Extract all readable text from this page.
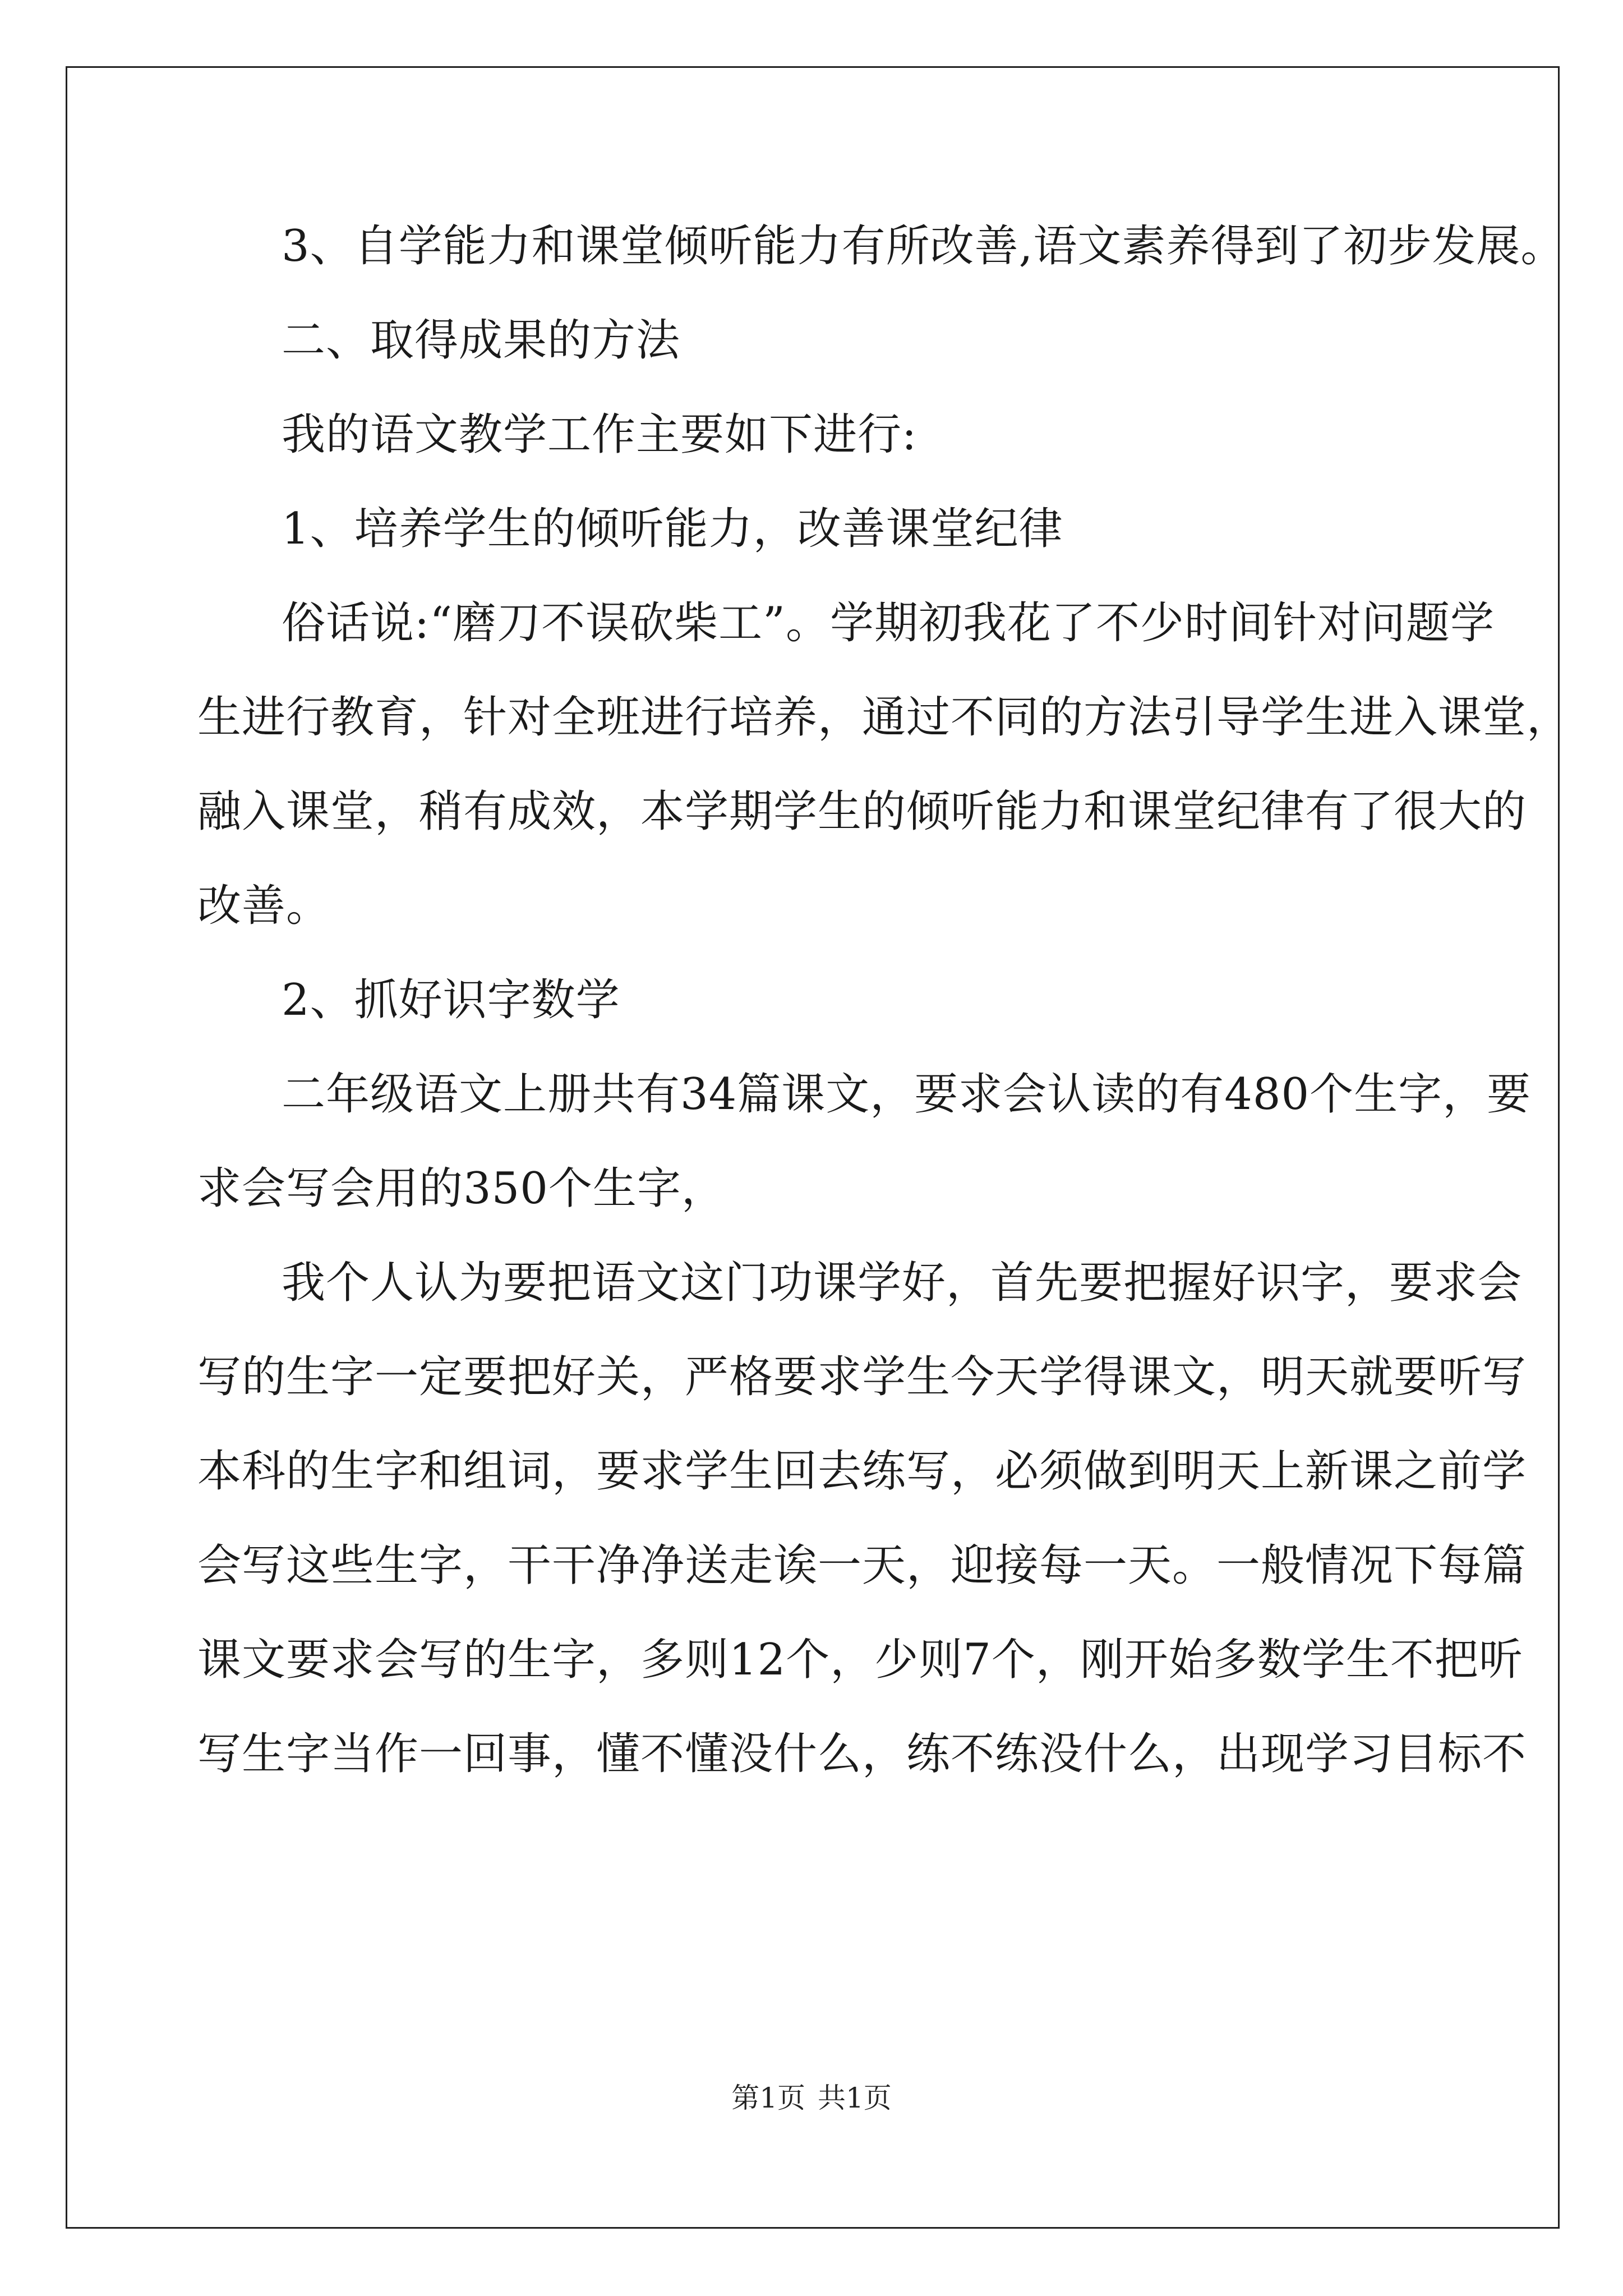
3、自学能力和课堂倾听能力有所改善,语文素养得到了初步发展。
二、取得成果的方法
我的语文教学工作主要如下进行:
1、培养学生的倾听能力，改善课堂纪律
俗话说:“磨刀不误砍柴工”。学期初我花了不少时间针对问题学
生进行教育，针对全班进行培养，通过不同的方法引导学生进入课堂，
融入课堂，稍有成效，本学期学生的倾听能力和课堂纪律有了很大的
改善。
2、抓好识字数学
二年级语文上册共有34篇课文，要求会认读的有480个生字，要
求会写会用的350个生字，
我个人认为要把语文这门功课学好，首先要把握好识字，要求会
写的生字一定要把好关，严格要求学生今天学得课文，明天就要听写
本科的生字和组词，要求学生回去练写，必须做到明天上新课之前学
会写这些生字，干干净净送走诶一天，迎接每一天。一般情况下每篇
课文要求会写的生字，多则12个，少则7个，刚开始多数学生不把听
写生字当作一回事，懂不懂没什么，练不练没什么，出现学习目标不
第1页 共1页
